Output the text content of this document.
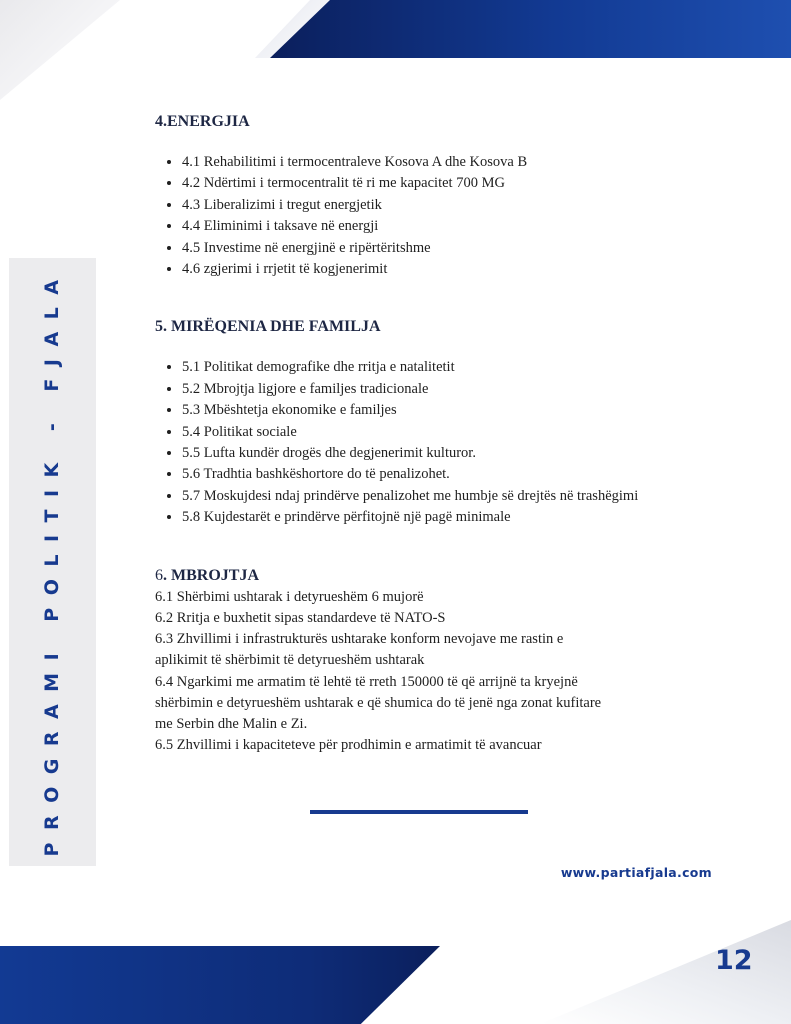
PROGRAMI POLITIK - FJALA
4.ENERGJIA
• 4.1 Rehabilitimi i termocentraleve Kosova A dhe Kosova B
• 4.2 Ndërtimi i termocentralit të ri me kapacitet 700 MG
• 4.3 Liberalizimi i tregut energjetik
• 4.4 Eliminimi i taksave në energji
• 4.5 Investime në energjinë e ripërtëritshme
• 4.6 zgjerimi i rrjetit të kogjenerimit
5. MIRËQENIA DHE FAMILJA
• 5.1 Politikat demografike dhe rritja e natalitetit
• 5.2 Mbrojtja ligjore e familjes tradicionale
• 5.3 Mbështetja ekonomike e familjes
• 5.4 Politikat sociale
• 5.5 Lufta kundër drogës dhe degjenerimit kulturor.
• 5.6 Tradhtia bashkëshortore do të penalizohet.
• 5.7 Moskujdesi ndaj prindërve penalizohet me humbje së drejtës në trashëgimi
• 5.8 Kujdestarët e prindërve përfitojnë një pagë minimale
6. MBROJTJA
6.1 Shërbimi ushtarak i detyrueshëm 6 mujorë
6.2 Rritja e buxhetit sipas standardeve të NATO-S
6.3 Zhvillimi i infrastrukturës ushtarake konform nevojave me rastin e
aplikimit të shërbimit të detyrueshëm ushtarak
6.4 Ngarkimi me armatim të lehtë të rreth 150000 të që arrijnë ta kryejnë
shërbimin e detyrueshëm ushtarak e që shumica do të jenë nga zonat kufitare
me Serbin dhe Malin e Zi.
6.5 Zhvillimi i kapaciteteve për prodhimin e armatimit të avancuar
www.partiafjala.com
12
